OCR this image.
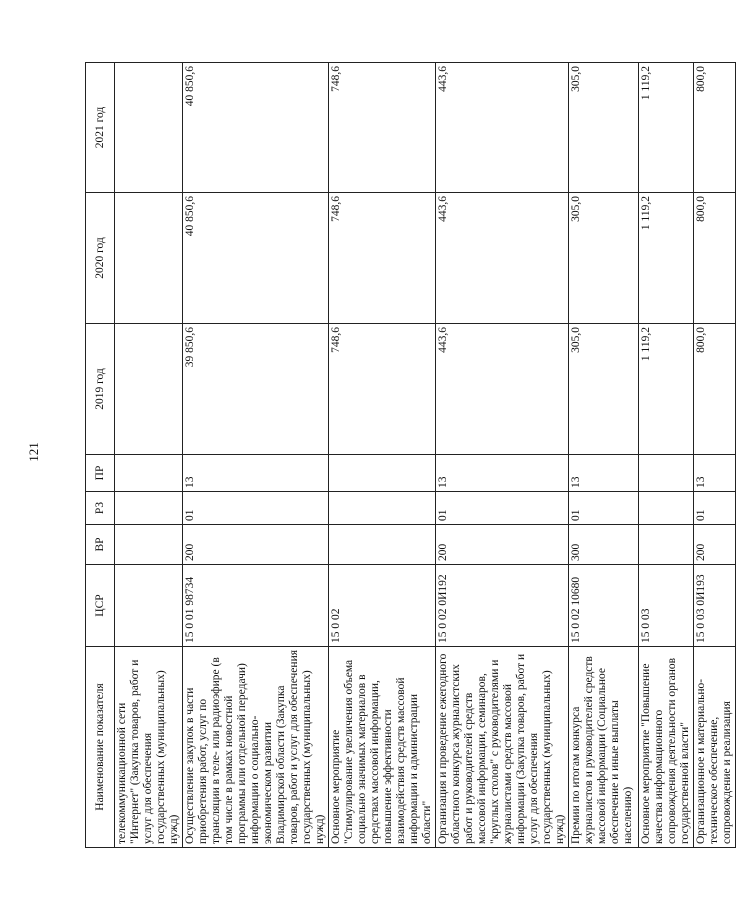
121
Наименование показателя	ЦСР	ВР	РЗ	ПР	2019 год	2020 год	2021 год
телекоммуникационной сети "Интернет" (Закупка товаров, работ и услуг для обеспечения государственных (муниципальных) нужд)							
Осуществление закупок в части приобретения работ, услуг по трансляции в теле- или радиоэфире (в том числе в рамках новостной программы или отдельной передачи) информации о социально-экономическом развитии Владимирской области (Закупка товаров, работ и услуг для обеспечения государственных (муниципальных) нужд)	15 0 01 98734	200	01	13	39 850,6	40 850,6	40 850,6
Основное мероприятие "Стимулирование увеличения объема социально значимых материалов в средствах массовой информации, повышение эффективности взаимодействия средств массовой информации и администрации области"	15 0 02				748,6	748,6	748,6
Организация и проведение ежегодного областного конкурса журналистских работ и руководителей средств массовой информации, семинаров, "круглых столов" с руководителями и журналистами средств массовой информации (Закупка товаров, работ и услуг для обеспечения государственных (муниципальных) нужд)	15 0 02 0И192	200	01	13	443,6	443,6	443,6
Премии по итогам конкурса журналистов и руководителей средств массовой информации (Социальное обеспечение и иные выплаты населению)	15 0 02 10680	300	01	13	305,0	305,0	305,0
Основное мероприятие "Повышение качества информационного сопровождения деятельности органов государственной власти"	15 0 03				1 119,2	1 119,2	1 119,2
Организационное и материально-техническое обеспечение, сопровождение и реализация	15 0 03 0И193	200	01	13	800,0	800,0	800,0
